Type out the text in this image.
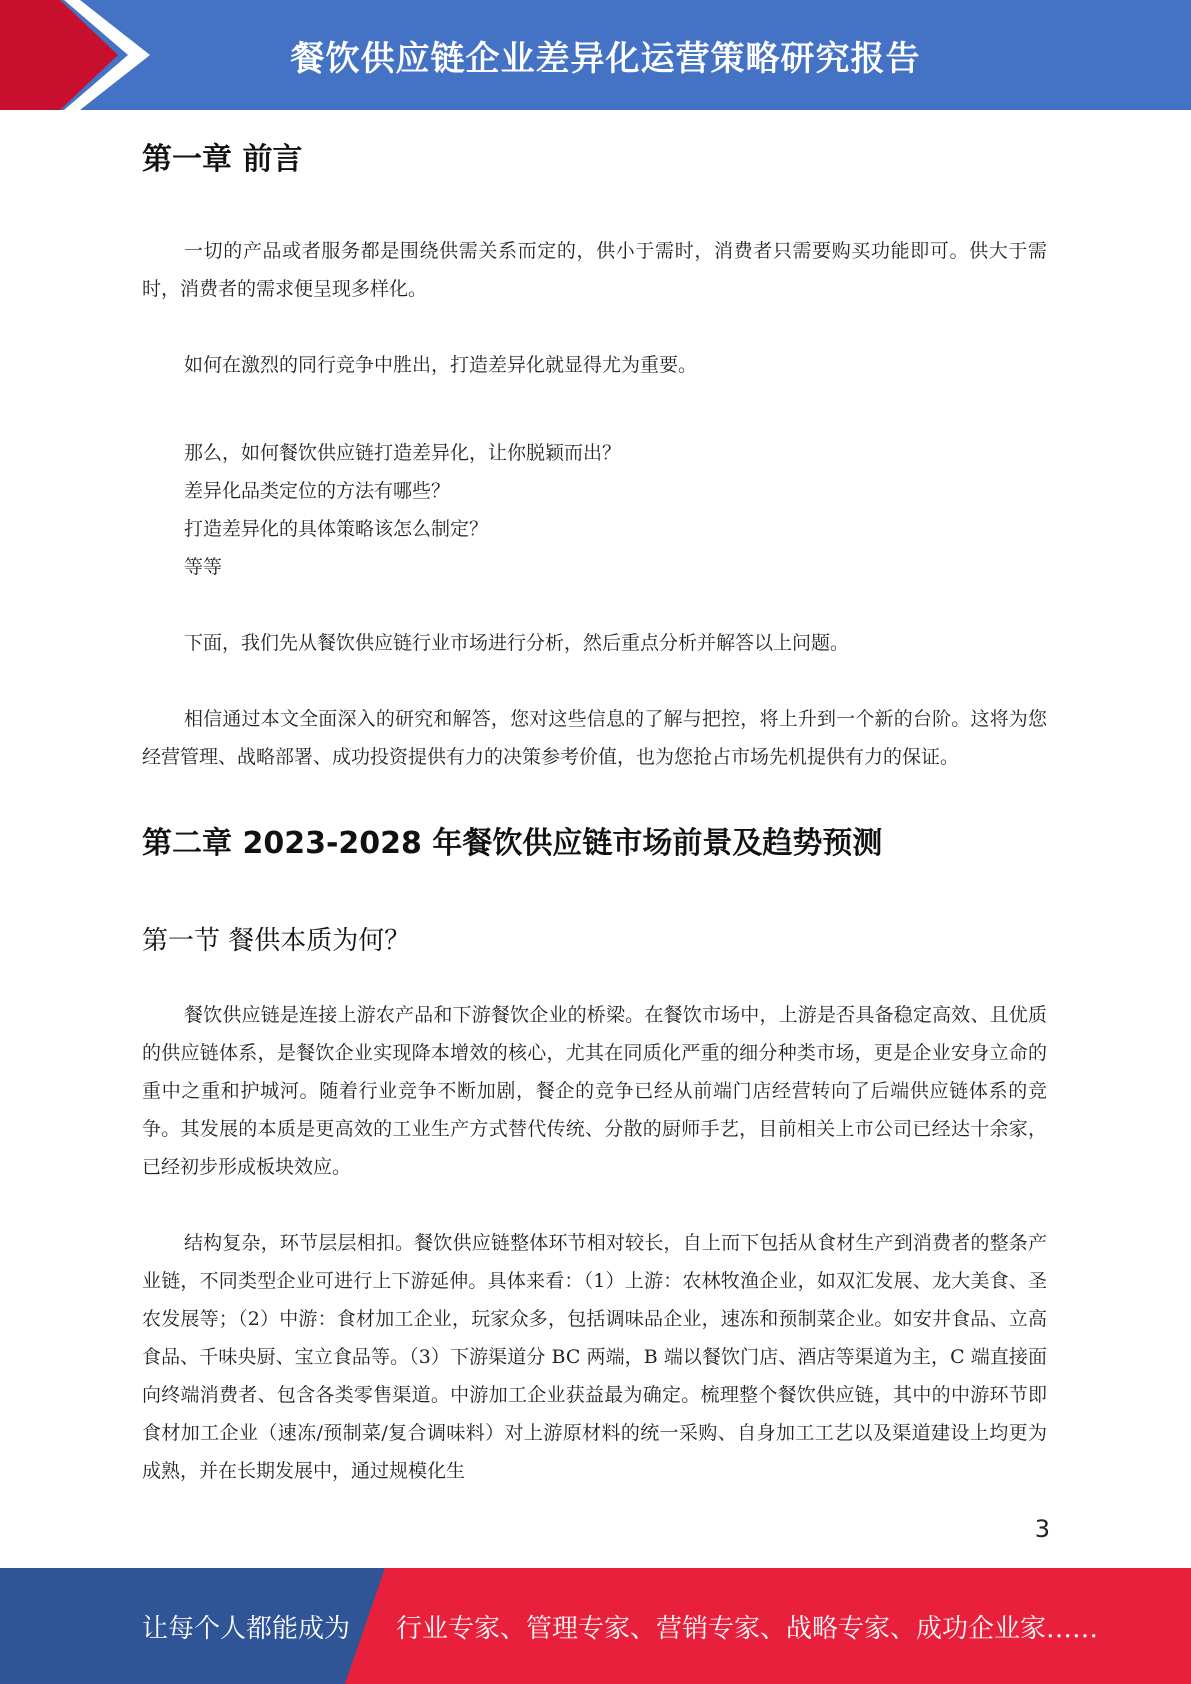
餐饮供应链企业差异化运营策略研究报告
第一章 前言

一切的产品或者服务都是围绕供需关系而定的，供小于需时，消费者只需要购买功能即可。供大于需时，消费者的需求便呈现多样化。

如何在激烈的同行竞争中胜出，打造差异化就显得尤为重要。

那么，如何餐饮供应链打造差异化，让你脱颖而出？

差异化品类定位的方法有哪些？

打造差异化的具体策略该怎么制定？

等等

下面，我们先从餐饮供应链行业市场进行分析，然后重点分析并解答以上问题。

相信通过本文全面深入的研究和解答，您对这些信息的了解与把控，将上升到一个新的台阶。这将为您经营管理、战略部署、成功投资提供有力的决策参考价值，也为您抢占市场先机提供有力的保证。

第二章 2023-2028 年餐饮供应链市场前景及趋势预测
第一节 餐供本质为何？

餐饮供应链是连接上游农产品和下游餐饮企业的桥梁。在餐饮市场中，上游是否具备稳定高效、且优质的供应链体系，是餐饮企业实现降本增效的核心，尤其在同质化严重的细分种类市场，更是企业安身立命的重中之重和护城河。随着行业竞争不断加剧，餐企的竞争已经从前端门店经营转向了后端供应链体系的竞争。其发展的本质是更高效的工业生产方式替代传统、分散的厨师手艺，目前相关上市公司已经达十余家，已经初步形成板块效应。

结构复杂，环节层层相扣。餐饮供应链整体环节相对较长，自上而下包括从食材生产到消费者的整条产业链，不同类型企业可进行上下游延伸。具体来看：（1）上游：农林牧渔企业，如双汇发展、龙大美食、圣农发展等；（2）中游：食材加工企业，玩家众多，包括调味品企业，速冻和预制菜企业。如安井食品、立高食品、千味央厨、宝立食品等。（3）下游渠道分 BC 两端，B 端以餐饮门店、酒店等渠道为主，C 端直接面向终端消费者、包含各类零售渠道。中游加工企业获益最为确定。梳理整个餐饮供应链，其中的中游环节即食材加工企业（速冻/预制菜/复合调味料）对上游原材料的统一采购、自身加工工艺以及渠道建设上均更为成熟，并在长期发展中，通过规模化生

3
让每个人都能成为 行业专家、管理专家、营销专家、战略专家、成功企业家……
